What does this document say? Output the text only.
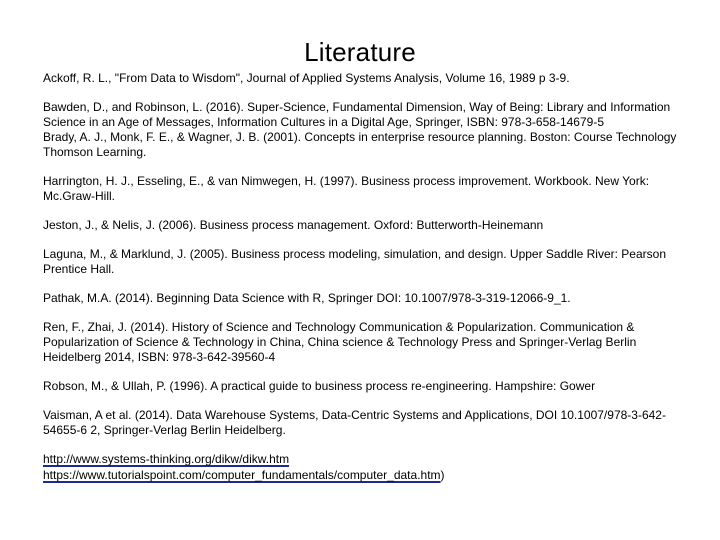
Literature

Ackoff, R. L., "From Data to Wisdom", Journal of Applied Systems Analysis, Volume 16, 1989 p 3-9.

Bawden, D., and Robinson, L. (2016). Super-Science, Fundamental Dimension, Way of Being: Library and Information Science in an Age of Messages, Information Cultures in a Digital Age, Springer, ISBN: 978-3-658-14679-5

Brady, A. J., Monk, F. E., & Wagner, J. B. (2001). Concepts in enterprise resource planning. Boston: Course Technology Thomson Learning.

Harrington, H. J., Esseling, E., & van Nimwegen, H. (1997). Business process improvement. Workbook. New York: Mc.Graw-Hill.

Jeston, J., & Nelis, J. (2006). Business process management. Oxford: Butterworth-Heinemann

Laguna, M., & Marklund, J. (2005). Business process modeling, simulation, and design. Upper Saddle River: Pearson Prentice Hall.

Pathak, M.A. (2014). Beginning Data Science with R, Springer DOI: 10.1007/978-3-319-12066-9_1.

Ren, F., Zhai, J. (2014). History of Science and Technology Communication & Popularization. Communication & Popularization of Science & Technology in China, China science & Technology Press and Springer-Verlag Berlin Heidelberg 2014, ISBN: 978-3-642-39560-4

Robson, M., & Ullah, P. (1996). A practical guide to business process re-engineering. Hampshire: Gower

Vaisman, A et al. (2014). Data Warehouse Systems, Data-Centric Systems and Applications, DOI 10.1007/978-3-642-54655-6 2, Springer-Verlag Berlin Heidelberg.

http://www.systems-thinking.org/dikw/dikw.htm
https://www.tutorialspoint.com/computer_fundamentals/computer_data.htm)
